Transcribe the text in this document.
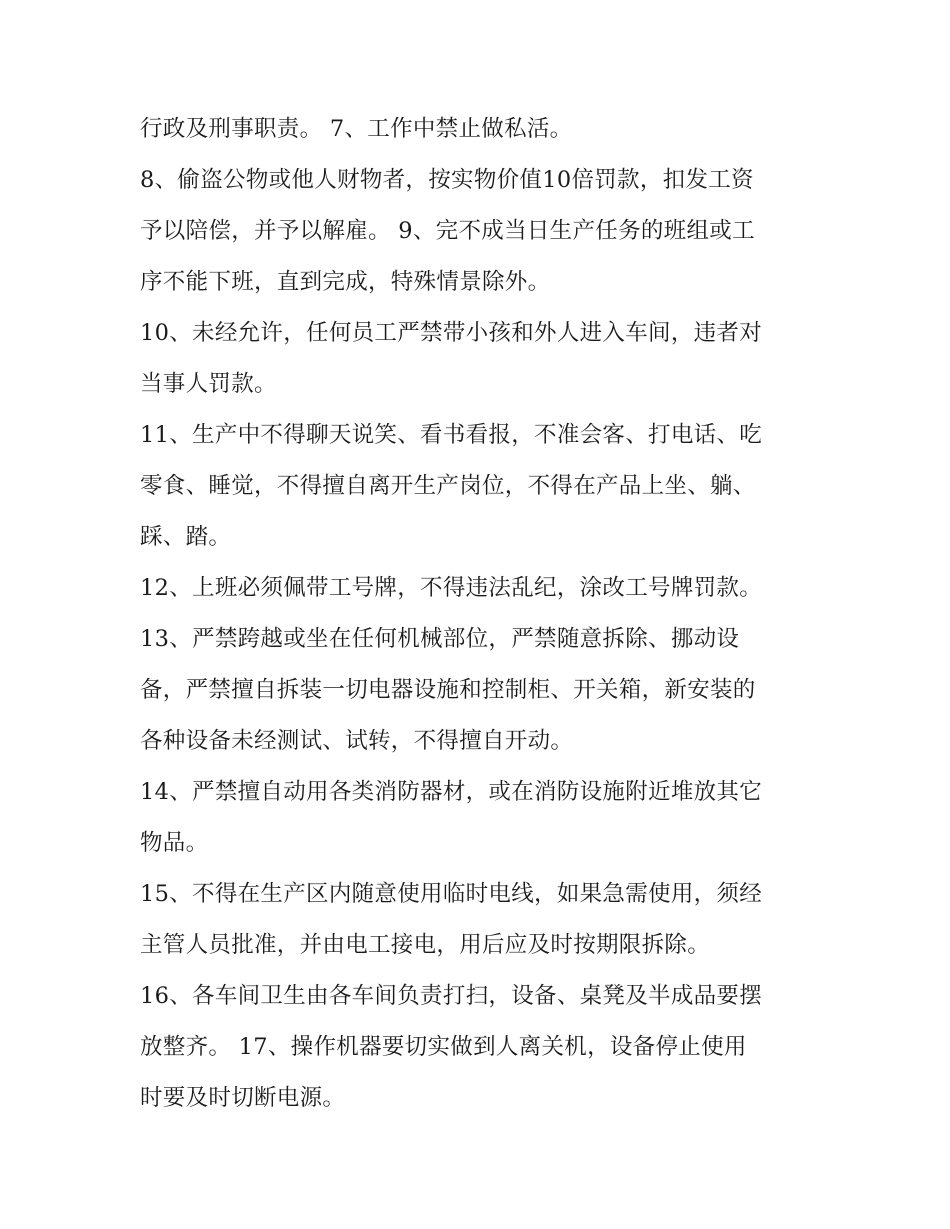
行政及刑事职责。 7、工作中禁止做私活。
8、偷盗公物或他人财物者，按实物价值10倍罚款，扣发工资
予以陪偿，并予以解雇。 9、完不成当日生产任务的班组或工
序不能下班，直到完成，特殊情景除外。
10、未经允许，任何员工严禁带小孩和外人进入车间，违者对
当事人罚款。
11、生产中不得聊天说笑、看书看报，不准会客、打电话、吃
零食、睡觉，不得擅自离开生产岗位，不得在产品上坐、躺、
踩、踏。
12、上班必须佩带工号牌，不得违法乱纪，涂改工号牌罚款。
13、严禁跨越或坐在任何机械部位，严禁随意拆除、挪动设
备，严禁擅自拆装一切电器设施和控制柜、开关箱，新安装的
各种设备未经测试、试转，不得擅自开动。
14、严禁擅自动用各类消防器材，或在消防设施附近堆放其它
物品。
15、不得在生产区内随意使用临时电线，如果急需使用，须经
主管人员批准，并由电工接电，用后应及时按期限拆除。
16、各车间卫生由各车间负责打扫，设备、桌凳及半成品要摆
放整齐。 17、操作机器要切实做到人离关机，设备停止使用
时要及时切断电源。
